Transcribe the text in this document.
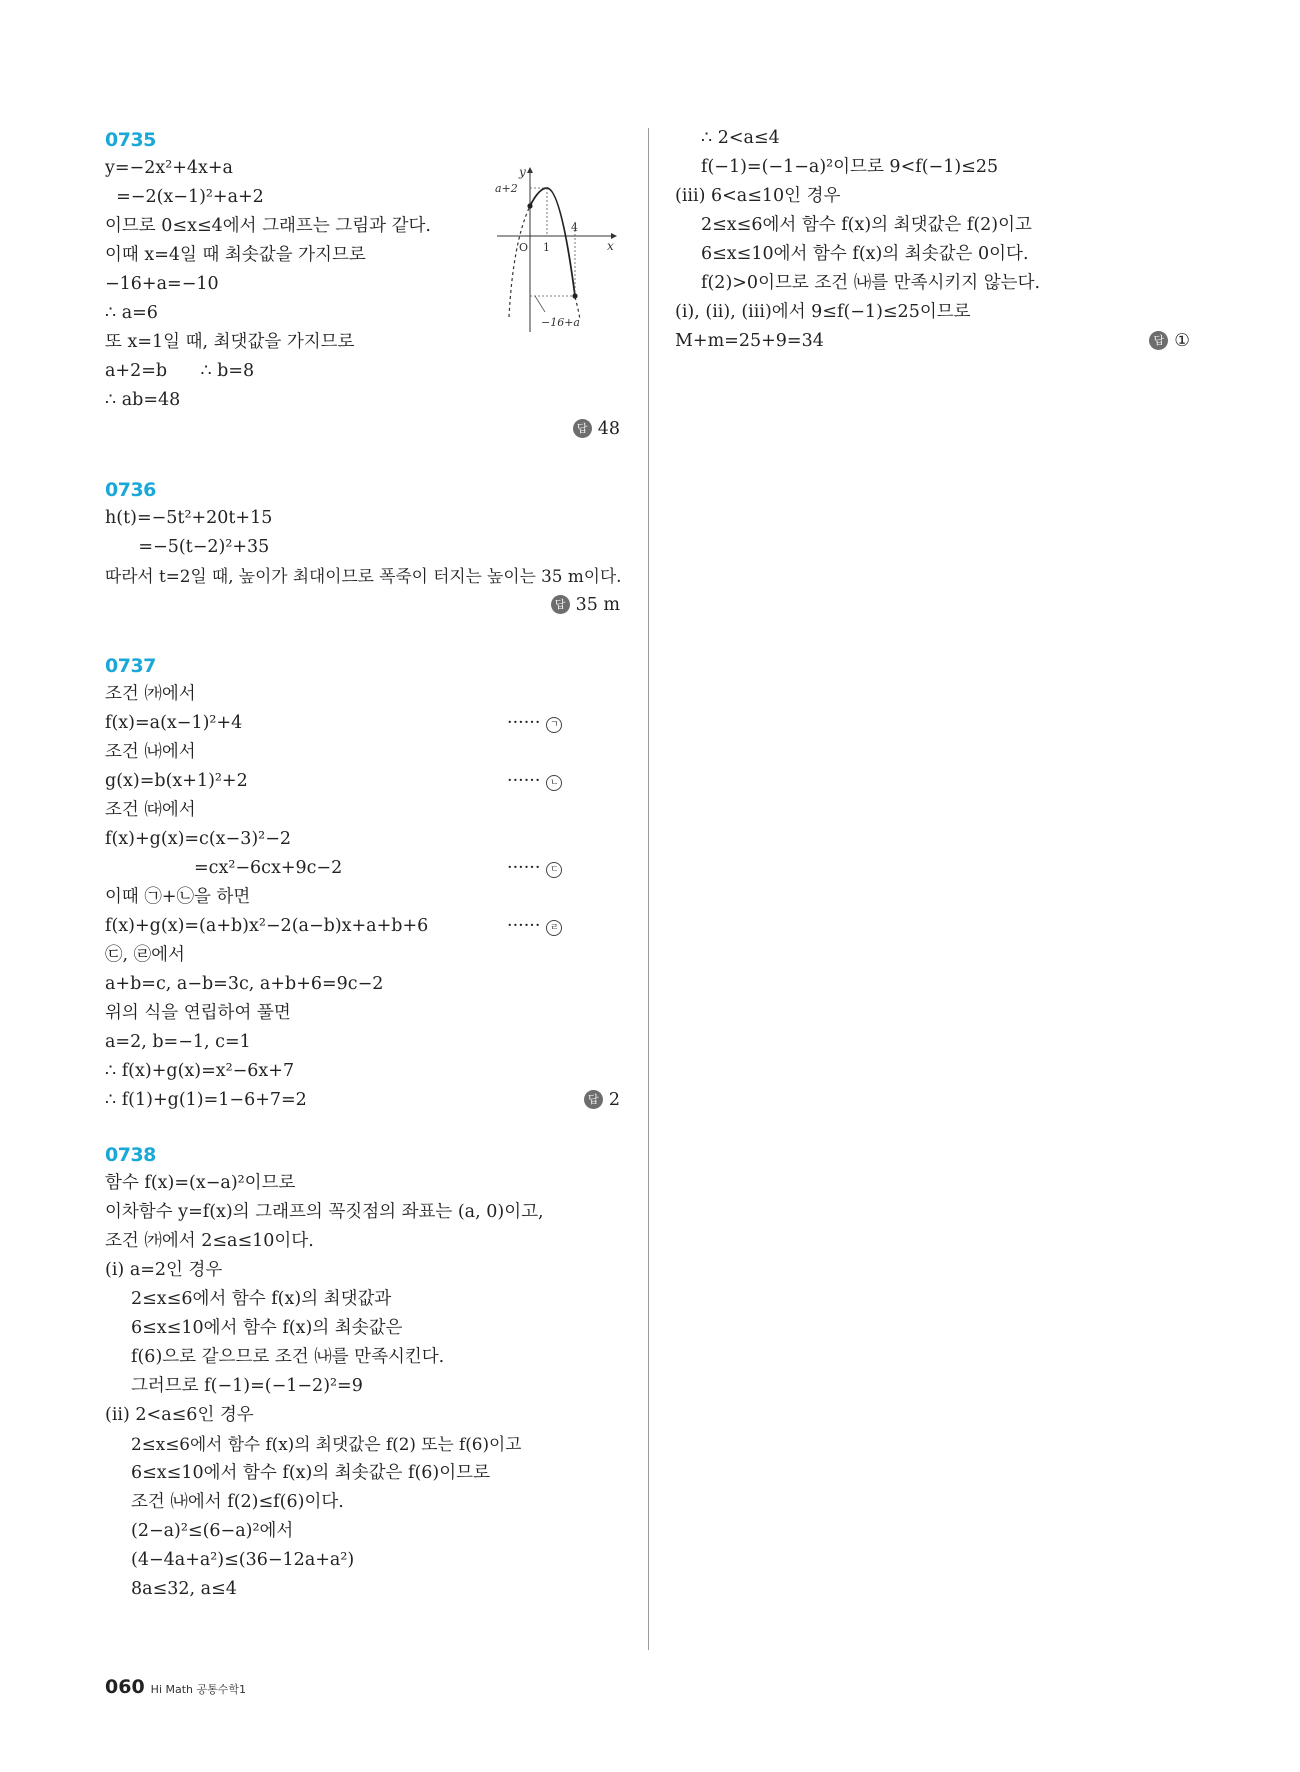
0735
y=−2x²+4x+a
=−2(x−1)²+a+2
이므로 0≤x≤4에서 그래프는 그림과 같다.
이때 x=4일 때 최솟값을 가지므로
−16+a=−10
∴ a=6
또 x=1일 때, 최댓값을 가지므로
a+2=b      ∴ b=8
∴ ab=48
답 48
0736
h(t)=−5t²+20t+15
=−5(t−2)²+35
따라서 t=2일 때, 높이가 최대이므로 폭죽이 터지는 높이는 35 m이다.
답 35 m
0737
조건 ㈎에서
f(x)=a(x−1)²+4	······ ㄱ
조건 ㈏에서
g(x)=b(x+1)²+2	······ ㄴ
조건 ㈐에서
f(x)+g(x)=c(x−3)²−2
=cx²−6cx+9c−2	······ ㄷ
이때 ㉠+㉡을 하면
f(x)+g(x)=(a+b)x²−2(a−b)x+a+b+6	······ ㄹ
㉢, ㉣에서
a+b=c, a−b=3c, a+b+6=9c−2
위의 식을 연립하여 풀면
a=2, b=−1, c=1
∴ f(x)+g(x)=x²−6x+7
∴ f(1)+g(1)=1−6+7=2	답 2
0738
함수 f(x)=(x−a)²이므로
이차함수 y=f(x)의 그래프의 꼭짓점의 좌표는 (a, 0)이고,
조건 ㈎에서 2≤a≤10이다.
(i) a=2인 경우
2≤x≤6에서 함수 f(x)의 최댓값과
6≤x≤10에서 함수 f(x)의 최솟값은
f(6)으로 같으므로 조건 ㈏를 만족시킨다.
그러므로 f(−1)=(−1−2)²=9
(ii) 2<a≤6인 경우
2≤x≤6에서 함수 f(x)의 최댓값은 f(2) 또는 f(6)이고
6≤x≤10에서 함수 f(x)의 최솟값은 f(6)이므로
조건 ㈏에서 f(2)≤f(6)이다.
(2−a)²≤(6−a)²에서
(4−4a+a²)≤(36−12a+a²)
8a≤32, a≤4
y
x
O 1
4
a+2
−16+a
∴ 2<a≤4
f(−1)=(−1−a)²이므로 9<f(−1)≤25
(iii) 6<a≤10인 경우
2≤x≤6에서 함수 f(x)의 최댓값은 f(2)이고
6≤x≤10에서 함수 f(x)의 최솟값은 0이다.
f(2)>0이므로 조건 ㈏를 만족시키지 않는다.
(i), (ii), (iii)에서 9≤f(−1)≤25이므로
M+m=25+9=34	답 ①
060 Hi Math 공통수학1
